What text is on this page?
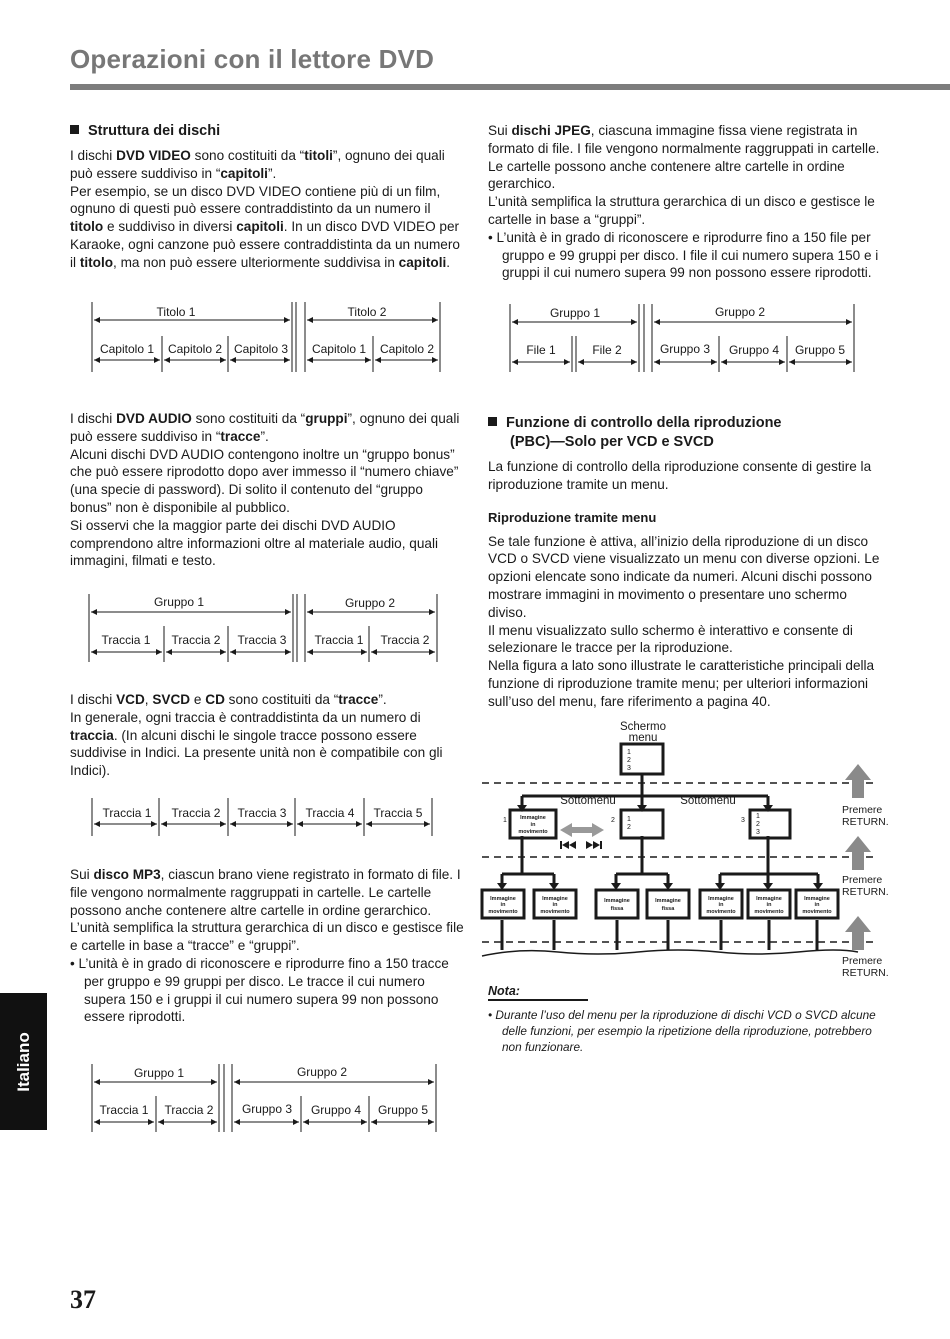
Operazioni con il lettore DVD
Struttura dei dischi

I dischi DVD VIDEO sono costituiti da “titoli”, ognuno dei quali può essere suddiviso in “capitoli”.

Per esempio, se un disco DVD VIDEO contiene più di un film, ognuno di questi può essere contraddistinto da un numero il titolo e suddiviso in diversi capitoli. In un disco DVD VIDEO per Karaoke, ogni canzone può essere contraddistinta da un numero il titolo, ma non può essere ulteriormente suddivisa in capitoli.

I dischi DVD AUDIO sono costituiti da “gruppi”, ognuno dei quali può essere suddiviso in “tracce”.

Alcuni dischi DVD AUDIO contengono inoltre un “gruppo bonus” che può essere riprodotto dopo aver immesso il “numero chiave” (una specie di password). Di solito il contenuto del “gruppo bonus” non è disponibile al pubblico.

Si osservi che la maggior parte dei dischi DVD AUDIO comprendono altre informazioni oltre al materiale audio, quali immagini, filmati e testo.

I dischi VCD, SVCD e CD sono costituiti da “tracce”.

In generale, ogni traccia è contraddistinta da un numero di traccia. (In alcuni dischi le singole tracce possono essere suddivise in Indici. La presente unità non è compatibile con gli Indici).

Sui disco MP3, ciascun brano viene registrato in formato di file. I file vengono normalmente raggruppati in cartelle. Le cartelle possono anche contenere altre cartelle in ordine gerarchico.

L’unità semplifica la struttura gerarchica di un disco e gestisce file e cartelle in base a “tracce” e “gruppi”.

• L’unità è in grado di riconoscere e riprodurre fino a 150 tracce per gruppo e 99 gruppi per disco. Le tracce il cui numero supera 150 e i gruppi il cui numero supera 99 non possono essere riprodotti.

Sui dischi JPEG, ciascuna immagine fissa viene registrata in formato di file. I file vengono normalmente raggruppati in cartelle. Le cartelle possono anche contenere altre cartelle in ordine gerarchico.

L’unità semplifica la struttura gerarchica di un disco e gestisce le cartelle in base a “gruppi”.

• L’unità è in grado di riconoscere e riprodurre fino a 150 file per gruppo e 99 gruppi per disco. I file il cui numero supera 150 e i gruppi il cui numero supera 99 non possono essere riprodotti.

Funzione di controllo della riproduzione
(PBC)—Solo per VCD e SVCD

La funzione di controllo della riproduzione consente di gestire la riproduzione tramite un menu.

Riproduzione tramite menu

Se tale funzione è attiva, all’inizio della riproduzione di un disco VCD o SVCD viene visualizzato un menu con diverse opzioni. Le opzioni elencate sono indicate da numeri. Alcuni dischi possono mostrare immagini in movimento o presentare uno schermo diviso.

Il menu visualizzato sullo schermo è interattivo e consente di selezionare le tracce per la riproduzione.

Nella figura a lato sono illustrate le caratteristiche principali della funzione di riproduzione tramite menu; per ulteriori informazioni sull’uso del menu, fare riferimento a pagina 40.

Titolo 1	Titolo 2
Capitolo 1 Capitolo 2 Capitolo 3 Capitolo 1 Capitolo 2
Gruppo 1	Gruppo 2
Traccia 1 Traccia 2 Traccia 3 Traccia 1 Traccia 2
Traccia 1 Traccia 2 Traccia 3 Traccia 4 Traccia 5
Gruppo 1	Gruppo 2
Traccia 1 Traccia 2 Gruppo 3 Gruppo 4 Gruppo 5
Gruppo 1	Gruppo 2
File 1	File 2	Gruppo 3 Gruppo 4 Gruppo 5
Schermo
menu
1
2
3
Sottomenu	Sottomenu
1 Immagine
in
movimento
2 1
2
3
1
2
3
Immagine
in
movimento
Immagine
in
movimento
Immagine
fissa
Immagine
fissa
Immagine
in
movimento
Immagine
in
movimento
Immagine
in
movimento
Premere
RETURN.
Premere
RETURN.
Premere
RETURN.
Nota:
• Durante l’uso del menu per la riproduzione di dischi VCD o SVCD alcune delle funzioni, per esempio la ripetizione della riproduzione, potrebbero non funzionare.
Italiano
37
